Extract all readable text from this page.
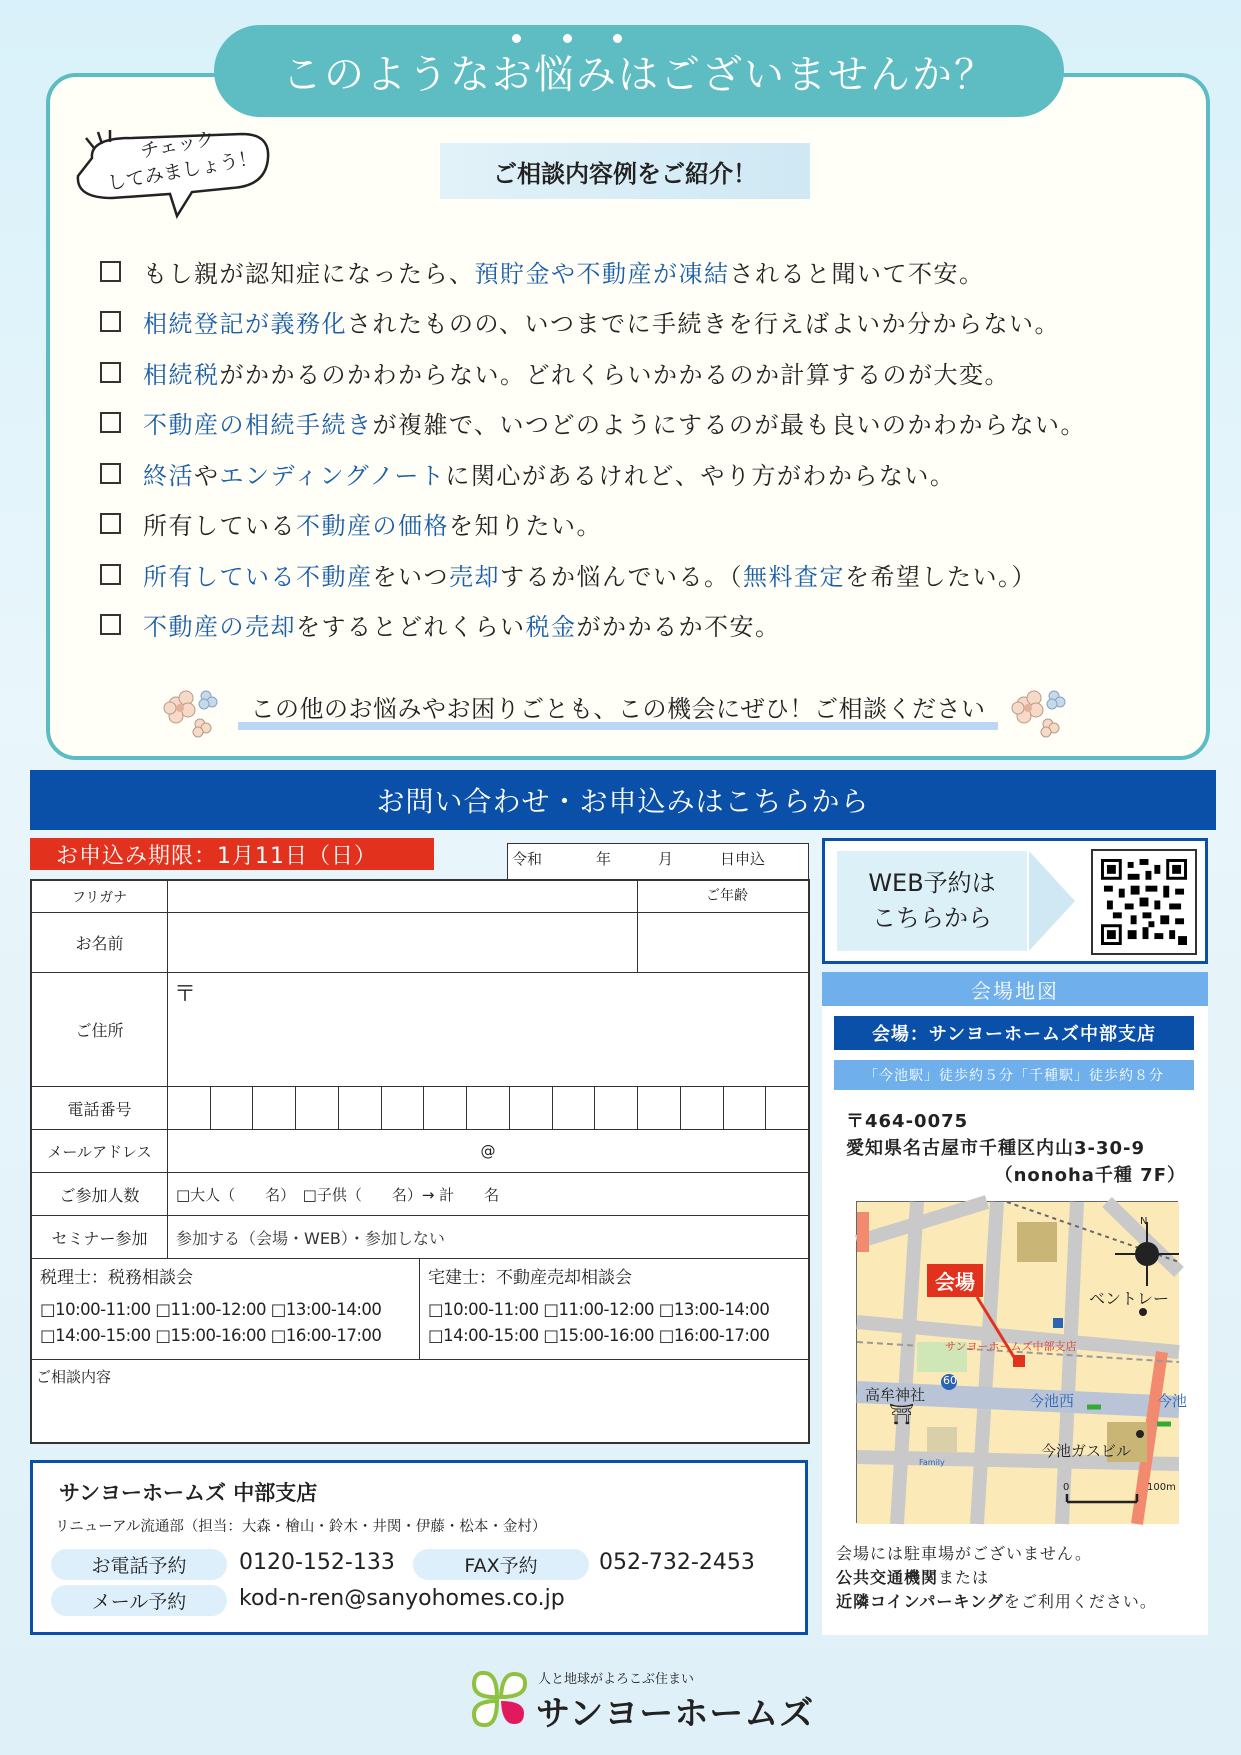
このようなお悩みはございませんか？
チェック
してみましょう！	ご相談内容例をご紹介！
もし親が認知症になったら、 預貯金や不動産が凍結 されると聞いて不安。
相続登記が義務化 されたものの、いつまでに手続きを行えばよいか分からない。
相続税 がかかるのかわからない。どれくらいかかるのか計算するのが大変。
不動産の相続手続き が複雑で、いつどのようにするのが最も良いのかわからない。
終活 や エンディングノート に関心があるけれど、やり方がわからない。
所有している 不動産の価格 を知りたい。
所有している不動産 をいつ 売却 するか悩んでいる。（ 無料査定 を希望したい。）
不動産の売却 をするとどれくらい 税金 がかかるか不安。
この他のお悩みやお困りごとも、この機会にぜひ！ご相談ください
お問い合わせ・お申込みはこちらから
お申込み期限：1月11日（日）	令和	年	月	日申込
フリガナ	ご年齢
お名前
ご住所
〒
電話番号
メールアドレス	@
ご参加人数	□大人（　　名）　□子供（　　名）→ 計　　名
セミナー参加	参加する（会場・WEB）・参加しない
税理士：税務相談会
□10:00-11:00 □11:00-12:00 □13:00-14:00
□14:00-15:00 □15:00-16:00 □16:00-17:00
宅建士：不動産売却相談会
□10:00-11:00 □11:00-12:00 □13:00-14:00
□14:00-15:00 □15:00-16:00 □16:00-17:00
ご相談内容
サンヨーホームズ 中部支店
リニューアル流通部（担当：大森・檜山・鈴木・井関・伊藤・松本・金村）
お電話予約	0120-152-133	FAX予約	052-732-2453
メール予約	kod-n-ren@sanyohomes.co.jp
WEB予約は
こちらから
会場地図
会場：サンヨーホームズ中部支店
「今池駅」徒歩約５分「千種駅」徒歩約８分
〒464-0075
愛知県名古屋市千種区内山3-30-9
（nonoha千種 7F）
会場
サンヨーホームズ中部支店
ベントレー
高牟神社
⛩
今池西	今池
今池ガスビル
60
Family
0	100m
N
会場には駐車場がございません。
公共交通機関または
近隣コインパーキングをご利用ください。
人と地球がよろこぶ住まい
サンヨーホームズ
